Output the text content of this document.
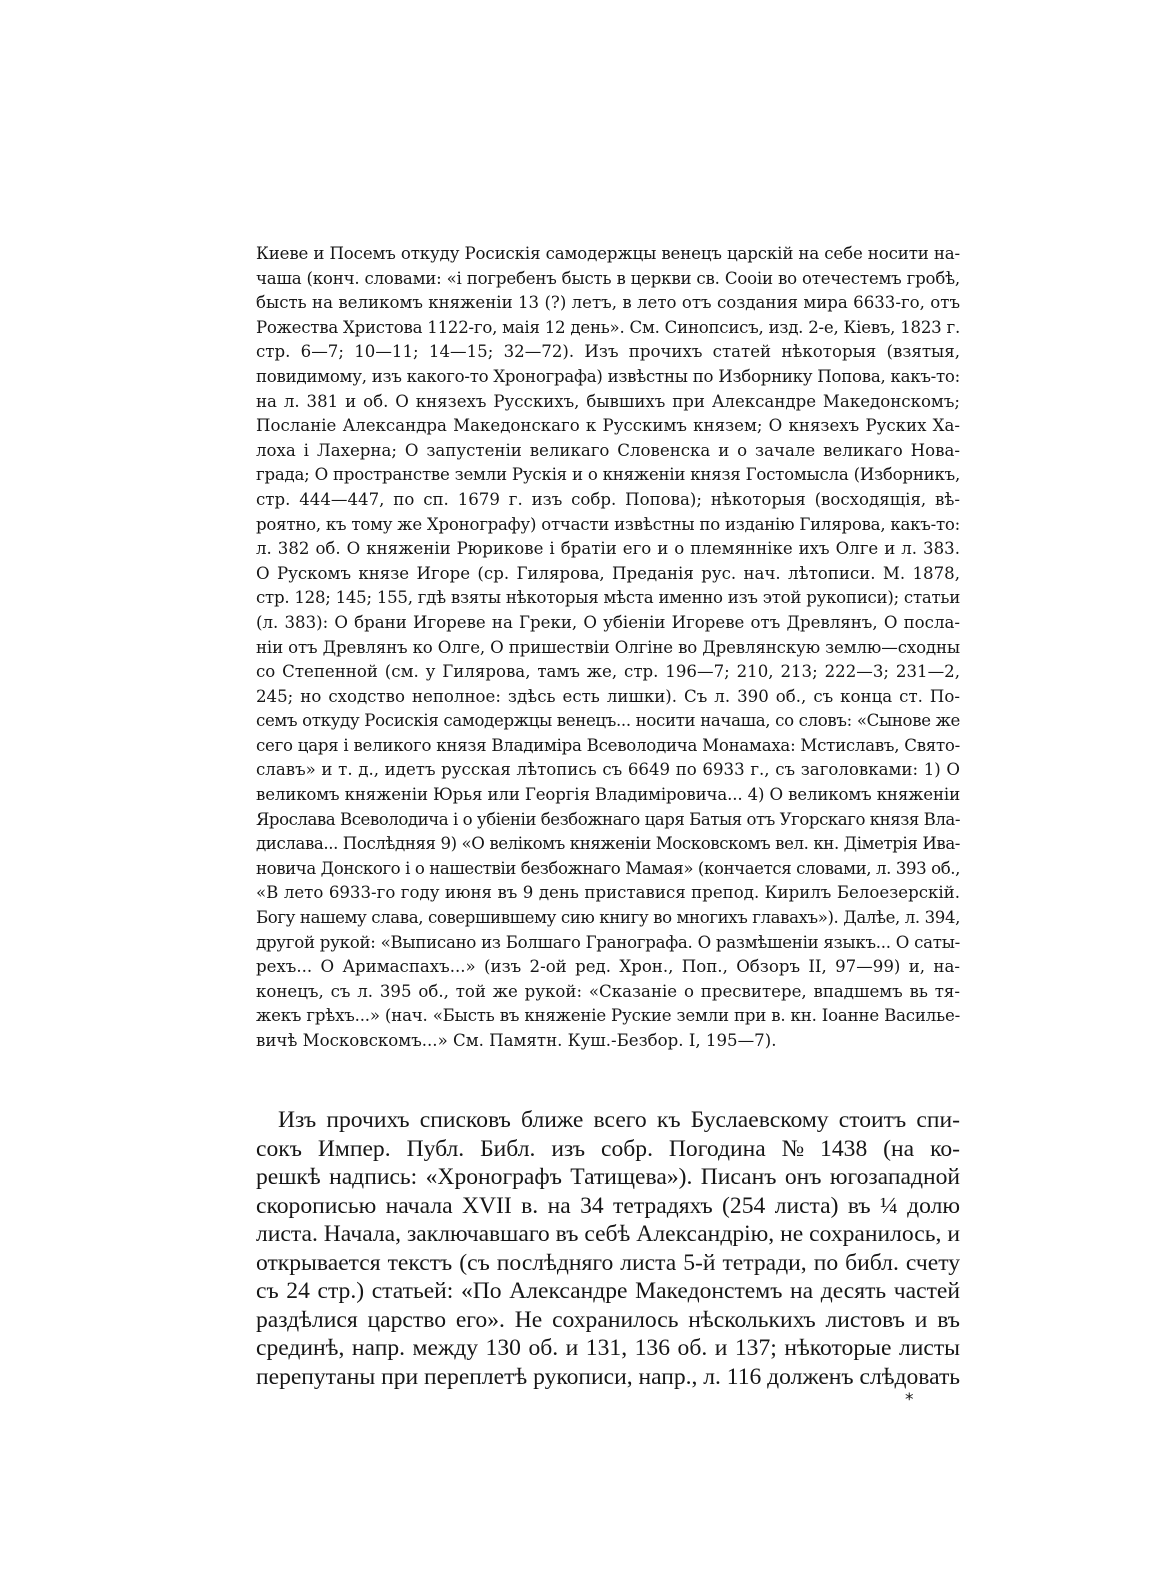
Киеве и Посемъ откуду Росискія самодержцы венецъ царскій на себе носити на-
чаша (конч. словами: «і погребенъ бысть в церкви св. Сооіи во отечестемъ гробѣ,
бысть на великомъ княженіи 13 (?) летъ, в лето отъ создания мира 6633-го, отъ
Рожества Христова 1122-го, маія 12 день». См. Синопсисъ, изд. 2-е, Кіевъ, 1823 г.
стр. 6—7; 10—11; 14—15; 32—72). Изъ прочихъ статей нѣкоторыя (взятыя,
повидимому, изъ какого-то Хронографа) извѣстны по Изборнику Попова, какъ-то:
на л. 381 и об. О князехъ Русскихъ, бывшихъ при Александре Македонскомъ;
Посланіе Александра Македонскаго к Русскимъ князем; О князехъ Руских Ха-
лоха і Лахерна; О запустеніи великаго Словенска и о зачале великаго Нова-
града; О пространстве земли Рускія и о княженіи князя Гостомысла (Изборникъ,
стр. 444—447, по сп. 1679 г. изъ собр. Попова); нѣкоторыя (восходящія, вѣ-
роятно, къ тому же Хронографу) отчасти извѣстны по изданію Гилярова, какъ-то:
л. 382 об. О княженіи Рюрикове і братіи его и о племянніке ихъ Олге и л. 383.
О Рускомъ князе Игоре (ср. Гилярова, Преданія рус. нач. лѣтописи. М. 1878,
стр. 128; 145; 155, гдѣ взяты нѣкоторыя мѣста именно изъ этой рукописи); статьи
(л. 383): О брани Игореве на Греки, О убіеніи Игореве отъ Древлянъ, О посла-
ніи отъ Древлянъ ко Олге, О пришествіи Олгіне во Древлянскую землю—сходны
со Степенной (см. у Гилярова, тамъ же, стр. 196—7; 210, 213; 222—3; 231—2,
245; но сходство неполное: здѣсь есть лишки). Съ л. 390 об., съ конца ст. По-
семъ откуду Росискія самодержцы венецъ... носити начаша, со словъ: «Сынове же
сего царя і великого князя Владиміра Всеволодича Монамаха: Мстиславъ, Свято-
славъ» и т. д., идетъ русская лѣтопись съ 6649 по 6933 г., съ заголовками: 1) О
великомъ княженіи Юрья или Георгія Владиміровича... 4) О великомъ княженіи
Ярослава Всеволодича і о убіеніи безбожнаго царя Батыя отъ Угорскаго князя Вла-
дислава... Послѣдняя 9) «О велікомъ княженіи Московскомъ вел. кн. Діметрія Ива-
новича Донского і о нашествіи безбожнаго Мамая» (кончается словами, л. 393 об.,
«В лето 6933-го году июня въ 9 день приставися препод. Кирилъ Белоезерскій.
Богу нашему слава, совершившему сию книгу во многихъ главахъ»). Далѣе, л. 394,
другой рукой: «Выписано из Болшаго Гранографа. О размѣшеніи языкъ... О саты-
рехъ... О Аримаспахъ...» (изъ 2-ой ред. Хрон., Поп., Обзоръ II, 97—99) и, на-
конецъ, съ л. 395 об., той же рукой: «Сказаніе о пресвитере, впадшемъ вь тя-
жекъ грѣхъ...» (нач. «Бысть въ княженіе Руские земли при в. кн. Іоанне Василье-
вичѣ Московскомъ...» См. Памятн. Куш.-Безбор. I, 195—7).
Изъ прочихъ списковъ ближе всего къ Буслаевскому стоитъ спи-
сокъ Импер. Публ. Библ. изъ собр. Погодина № 1438 (на ко-
решкѣ надпись: «Хронографъ Татищева»). Писанъ онъ югозападной
скорописью начала XVII в. на 34 тетрадяхъ (254 листа) въ ¼ долю
листа. Начала, заключавшаго въ себѣ Александрію, не сохранилось, и
открывается текстъ (съ послѣдняго листа 5-й тетради, по библ. счету
съ 24 стр.) статьей: «По Александре Македонстемъ на десять частей
раздѣлися царство его». Не сохранилось нѣсколькихъ листовъ и въ
срединѣ, напр. между 130 об. и 131, 136 об. и 137; нѣкоторые листы
перепутаны при переплетѣ рукописи, напр., л. 116 долженъ слѣдовать
*
